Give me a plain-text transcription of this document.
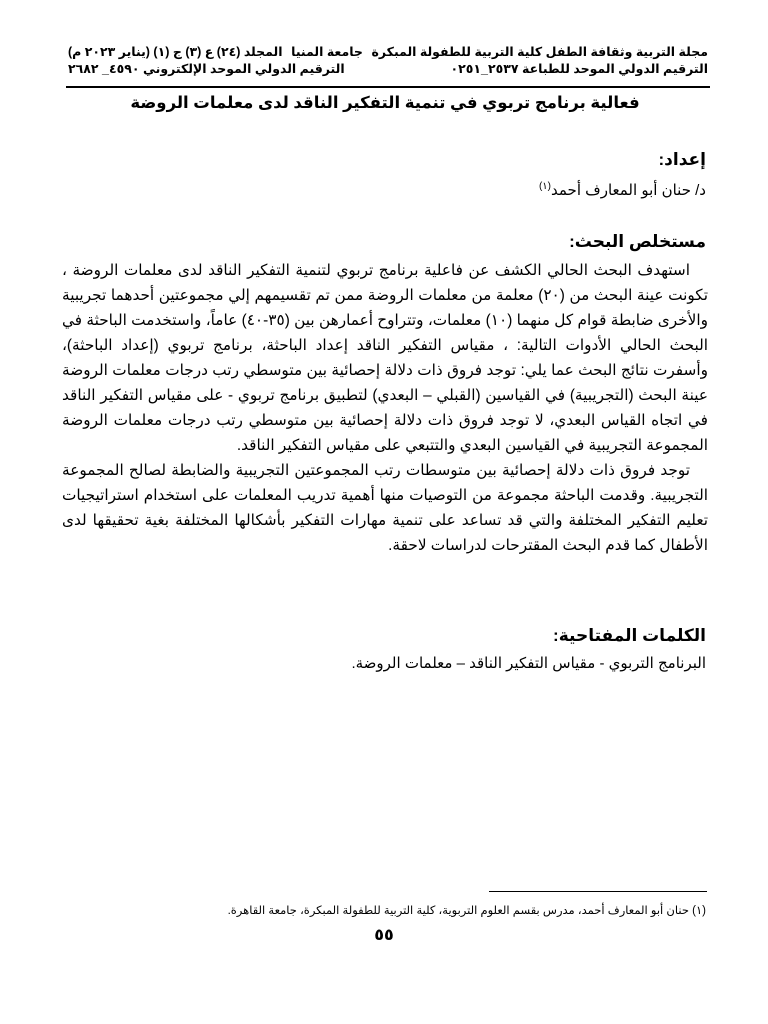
مجلة التربية وثقافة الطفل كلية التربية للطفولة المبكرة
جامعة المنيا
المجلد (٢٤) ع (٣) ج (١) (يناير ٢٠٢٣ م)
الترقيم الدولي الموحد للطباعة ٢٥٣٧_٠٢٥١
الترقيم الدولي الموحد الإلكتروني ٤٥٩٠_ ٢٦٨٢
فعالية برنامج تربوي في تنمية التفكير الناقد لدى معلمات الروضة
إعداد:
د/ حنان أبو المعارف أحمد$^{(١)}$
مستخلص البحث:

استهدف البحث الحالي الكشف عن فاعلية برنامج تربوي لتنمية التفكير الناقد لدى معلمات الروضة ، تكونت عينة البحث من (٢٠) معلمة من معلمات الروضة ممن تم تقسيمهم إلي مجموعتين أحدهما تجريبية والأخرى ضابطة قوام كل منهما (١٠) معلمات، وتتراوح أعمارهن بين (٣٥-٤٠) عاماً، واستخدمت الباحثة في البحث الحالي الأدوات التالية: ، مقياس التفكير الناقد إعداد الباحثة، برنامج تربوي (إعداد الباحثة)، وأسفرت نتائج البحث عما يلي: توجد فروق ذات دلالة إحصائية بين متوسطي رتب درجات معلمات الروضة عينة البحث (التجريبية) في القياسين (القبلي – البعدي) لتطبيق برنامج تربوي - على مقياس التفكير الناقد في اتجاه القياس البعدي، لا توجد فروق ذات دلالة إحصائية بين متوسطي رتب درجات معلمات الروضة المجموعة التجريبية في القياسين البعدي والتتبعي على مقياس التفكير الناقد.

توجد فروق ذات دلالة إحصائية بين متوسطات رتب المجموعتين التجريبية والضابطة لصالح المجموعة التجريبية. وقدمت الباحثة مجموعة من التوصيات منها أهمية تدريب المعلمات على استخدام استراتيجيات تعليم التفكير المختلفة والتي قد تساعد على تنمية مهارات التفكير بأشكالها المختلفة بغية تحقيقها لدى الأطفال كما قدم البحث المقترحات لدراسات لاحقة.

الكلمات المفتاحية:
البرنامج التربوي - مقياس التفكير الناقد – معلمات الروضة.
(١) حنان أبو المعارف أحمد، مدرس بقسم العلوم التربوية، كلية التربية للطفولة المبكرة، جامعة القاهرة.
٥٥
